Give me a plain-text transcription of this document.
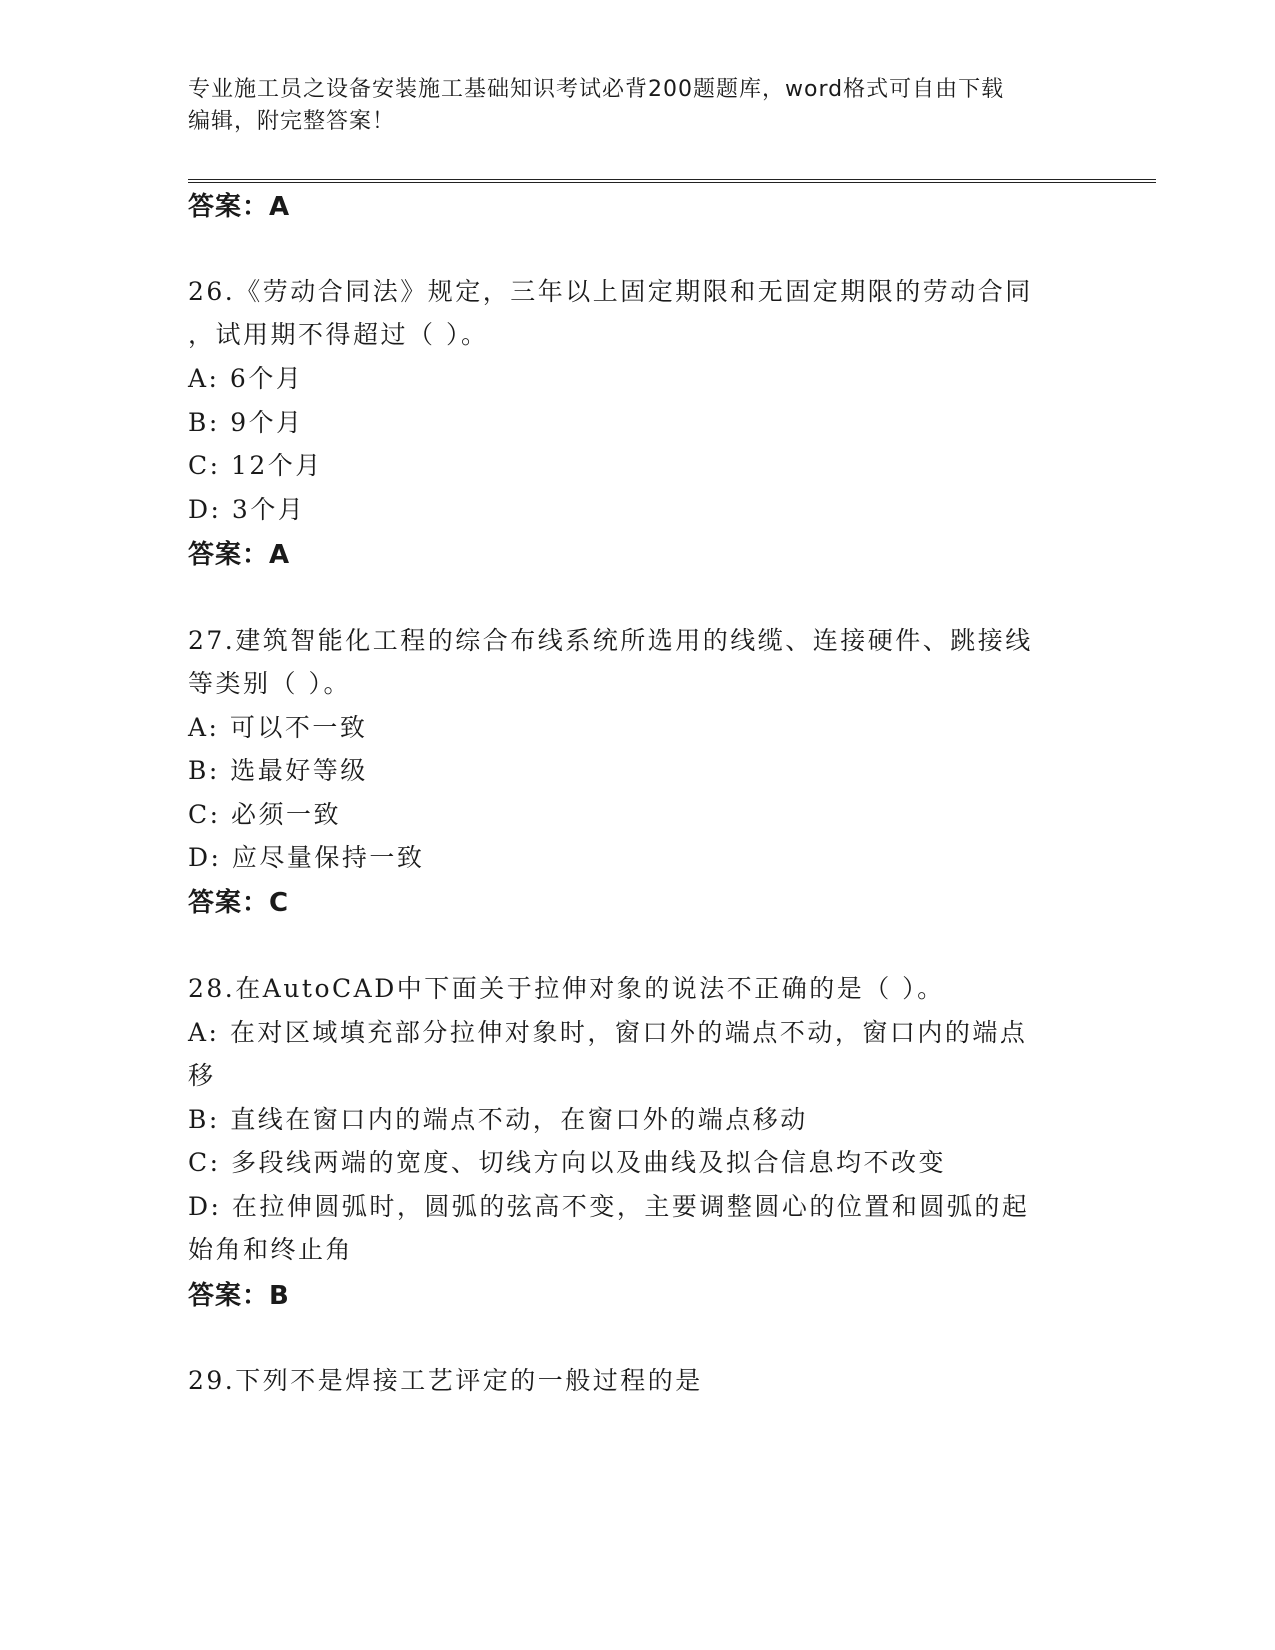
专业施工员之设备安装施工基础知识考试必背200题题库，word格式可自由下载
编辑，附完整答案！
答案：A
26.《劳动合同法》规定，三年以上固定期限和无固定期限的劳动合同
，试用期不得超过（ ）。
A: 6个月
B: 9个月
C: 12个月
D: 3个月
答案：A
27.建筑智能化工程的综合布线系统所选用的线缆、连接硬件、跳接线
等类别（ ）。
A: 可以不一致
B: 选最好等级
C: 必须一致
D: 应尽量保持一致
答案：C
28.在AutoCAD中下面关于拉伸对象的说法不正确的是（ ）。
A: 在对区域填充部分拉伸对象时，窗口外的端点不动，窗口内的端点
移
B: 直线在窗口内的端点不动，在窗口外的端点移动
C: 多段线两端的宽度、切线方向以及曲线及拟合信息均不改变
D: 在拉伸圆弧时，圆弧的弦高不变，主要调整圆心的位置和圆弧的起
始角和终止角
答案：B
29.下列不是焊接工艺评定的一般过程的是
